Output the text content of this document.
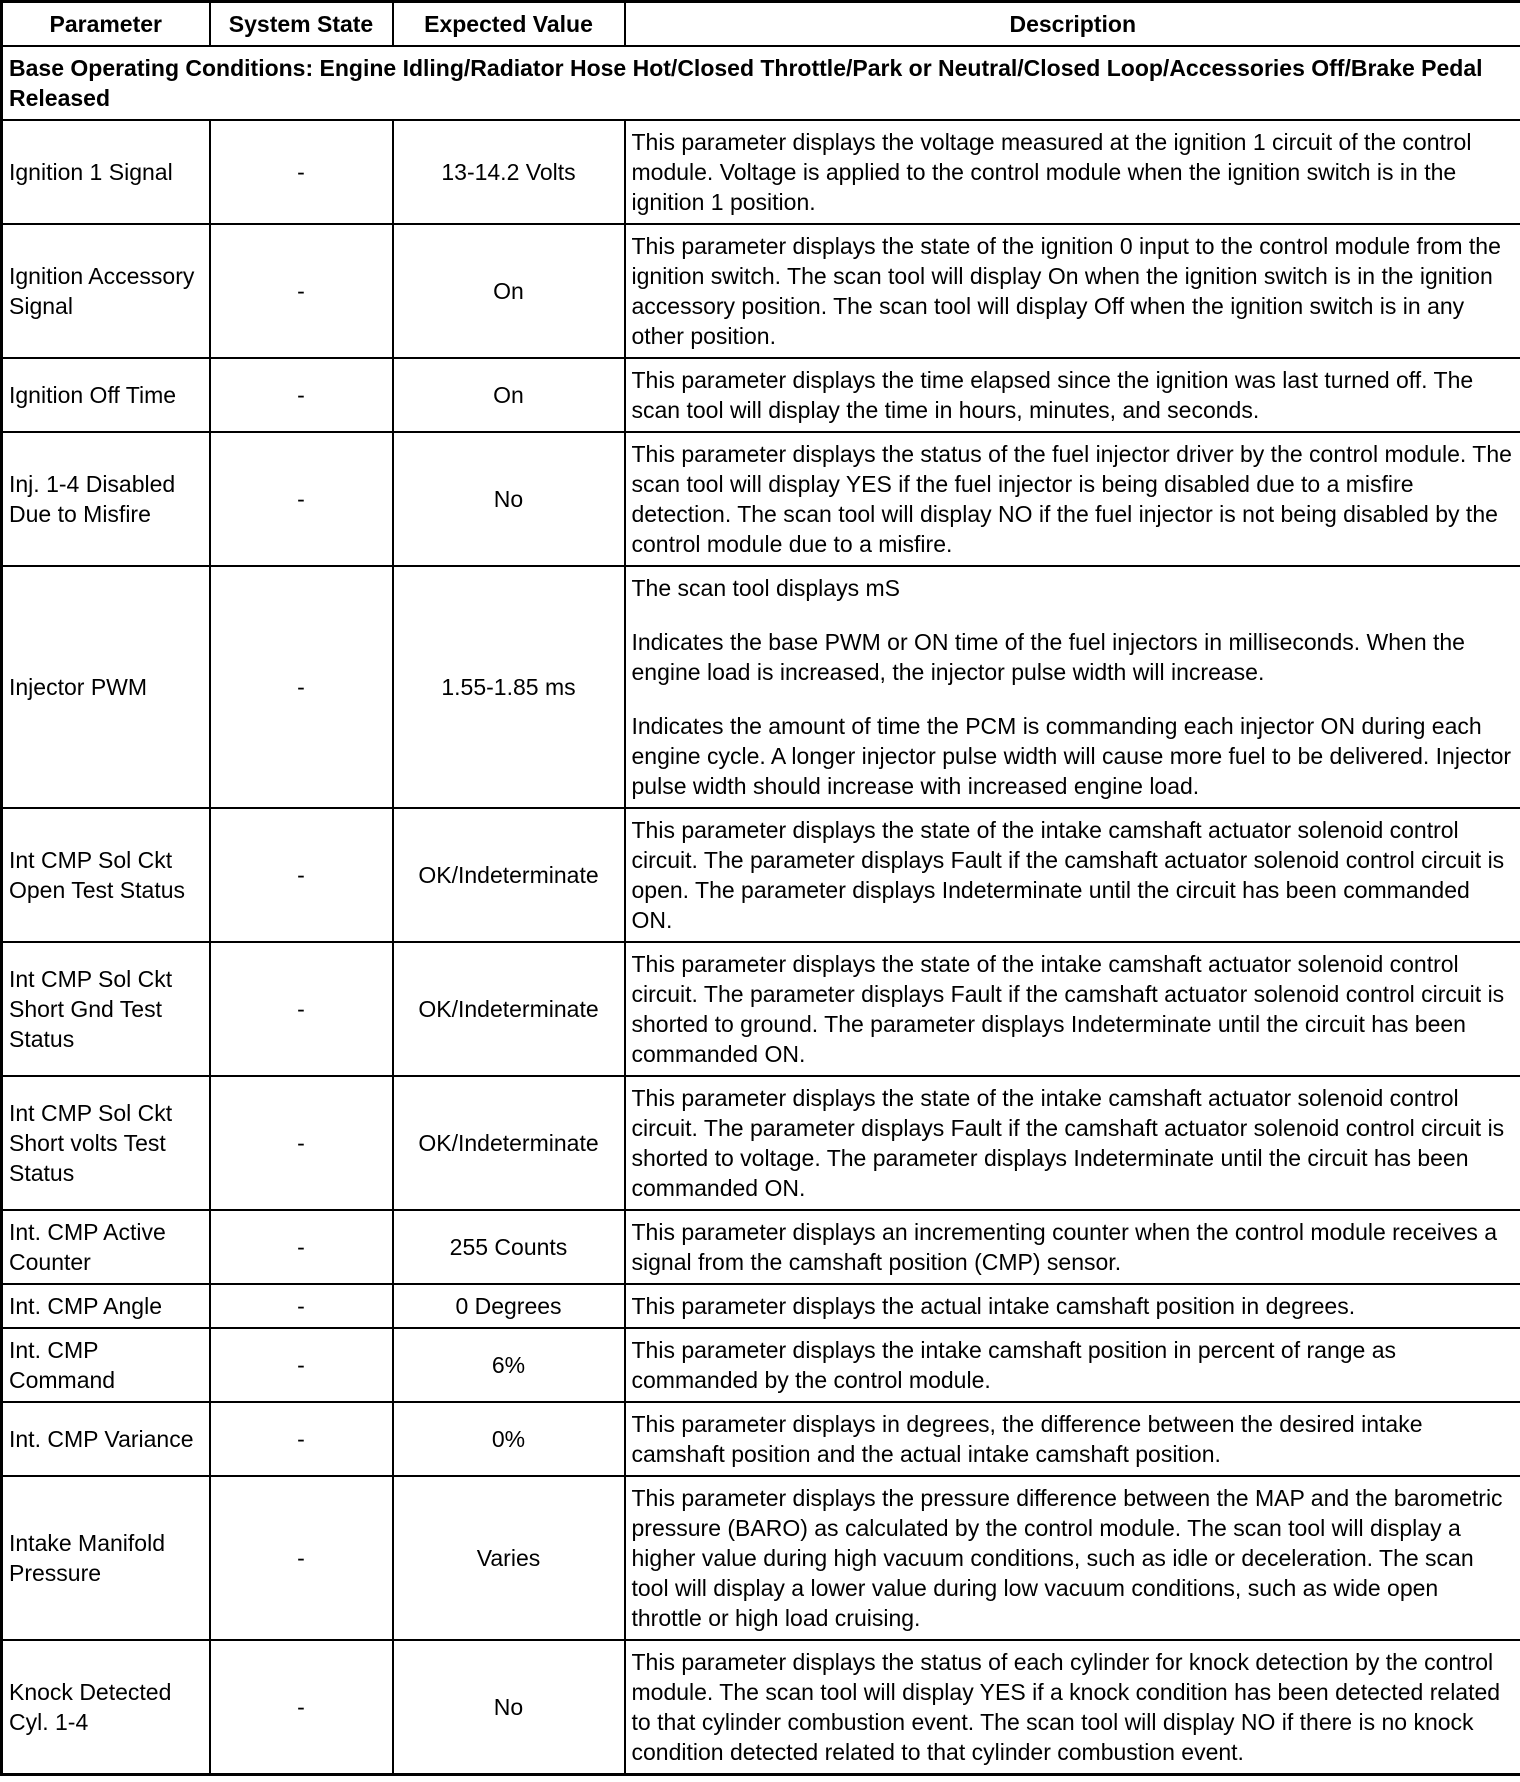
Parameter	System State	Expected Value	Description
Base Operating Conditions: Engine Idling/Radiator Hose Hot/Closed Throttle/Park or Neutral/Closed Loop/Accessories Off/Brake Pedal Released			
Ignition 1 Signal	-	13-14.2 Volts	This parameter displays the voltage measured at the ignition 1 circuit of the control module. Voltage is applied to the control module when the ignition switch is in the ignition 1 position.

Ignition Accessory Signal	-	On	This parameter displays the state of the ignition 0 input to the control module from the ignition switch. The scan tool will display On when the ignition switch is in the ignition accessory position. The scan tool will display Off when the ignition switch is in any other position.

Ignition Off Time	-	On	This parameter displays the time elapsed since the ignition was last turned off. The scan tool will display the time in hours, minutes, and seconds.

Inj. 1-4 Disabled Due to Misfire	-	No	This parameter displays the status of the fuel injector driver by the control module. The scan tool will display YES if the fuel injector is being disabled due to a misfire detection. The scan tool will display NO if the fuel injector is not being disabled by the control module due to a misfire.

Injector PWM	-	1.55-1.85 ms	The scan tool displays mS

Indicates the base PWM or ON time of the fuel injectors in milliseconds. When the engine load is increased, the injector pulse width will increase.

Indicates the amount of time the PCM is commanding each injector ON during each engine cycle. A longer injector pulse width will cause more fuel to be delivered. Injector pulse width should increase with increased engine load.

Int CMP Sol Ckt Open Test Status	-	OK/Indeterminate	This parameter displays the state of the intake camshaft actuator solenoid control circuit. The parameter displays Fault if the camshaft actuator solenoid control circuit is open. The parameter displays Indeterminate until the circuit has been commanded ON.

Int CMP Sol Ckt Short Gnd Test Status	-	OK/Indeterminate	This parameter displays the state of the intake camshaft actuator solenoid control circuit. The parameter displays Fault if the camshaft actuator solenoid control circuit is shorted to ground. The parameter displays Indeterminate until the circuit has been commanded ON.

Int CMP Sol Ckt Short volts Test Status	-	OK/Indeterminate	This parameter displays the state of the intake camshaft actuator solenoid control circuit. The parameter displays Fault if the camshaft actuator solenoid control circuit is shorted to voltage. The parameter displays Indeterminate until the circuit has been commanded ON.

Int. CMP Active Counter	-	255 Counts	This parameter displays an incrementing counter when the control module receives a signal from the camshaft position (CMP) sensor.

Int. CMP Angle	-	0 Degrees	This parameter displays the actual intake camshaft position in degrees.

Int. CMP Command	-	6%	This parameter displays the intake camshaft position in percent of range as commanded by the control module.

Int. CMP Variance	-	0%	This parameter displays in degrees, the difference between the desired intake camshaft position and the actual intake camshaft position.

Intake Manifold Pressure	-	Varies	This parameter displays the pressure difference between the MAP and the barometric pressure (BARO) as calculated by the control module. The scan tool will display a higher value during high vacuum conditions, such as idle or deceleration. The scan tool will display a lower value during low vacuum conditions, such as wide open throttle or high load cruising.

Knock Detected Cyl. 1-4	-	No	This parameter displays the status of each cylinder for knock detection by the control module. The scan tool will display YES if a knock condition has been detected related to that cylinder combustion event. The scan tool will display NO if there is no knock condition detected related to that cylinder combustion event.
